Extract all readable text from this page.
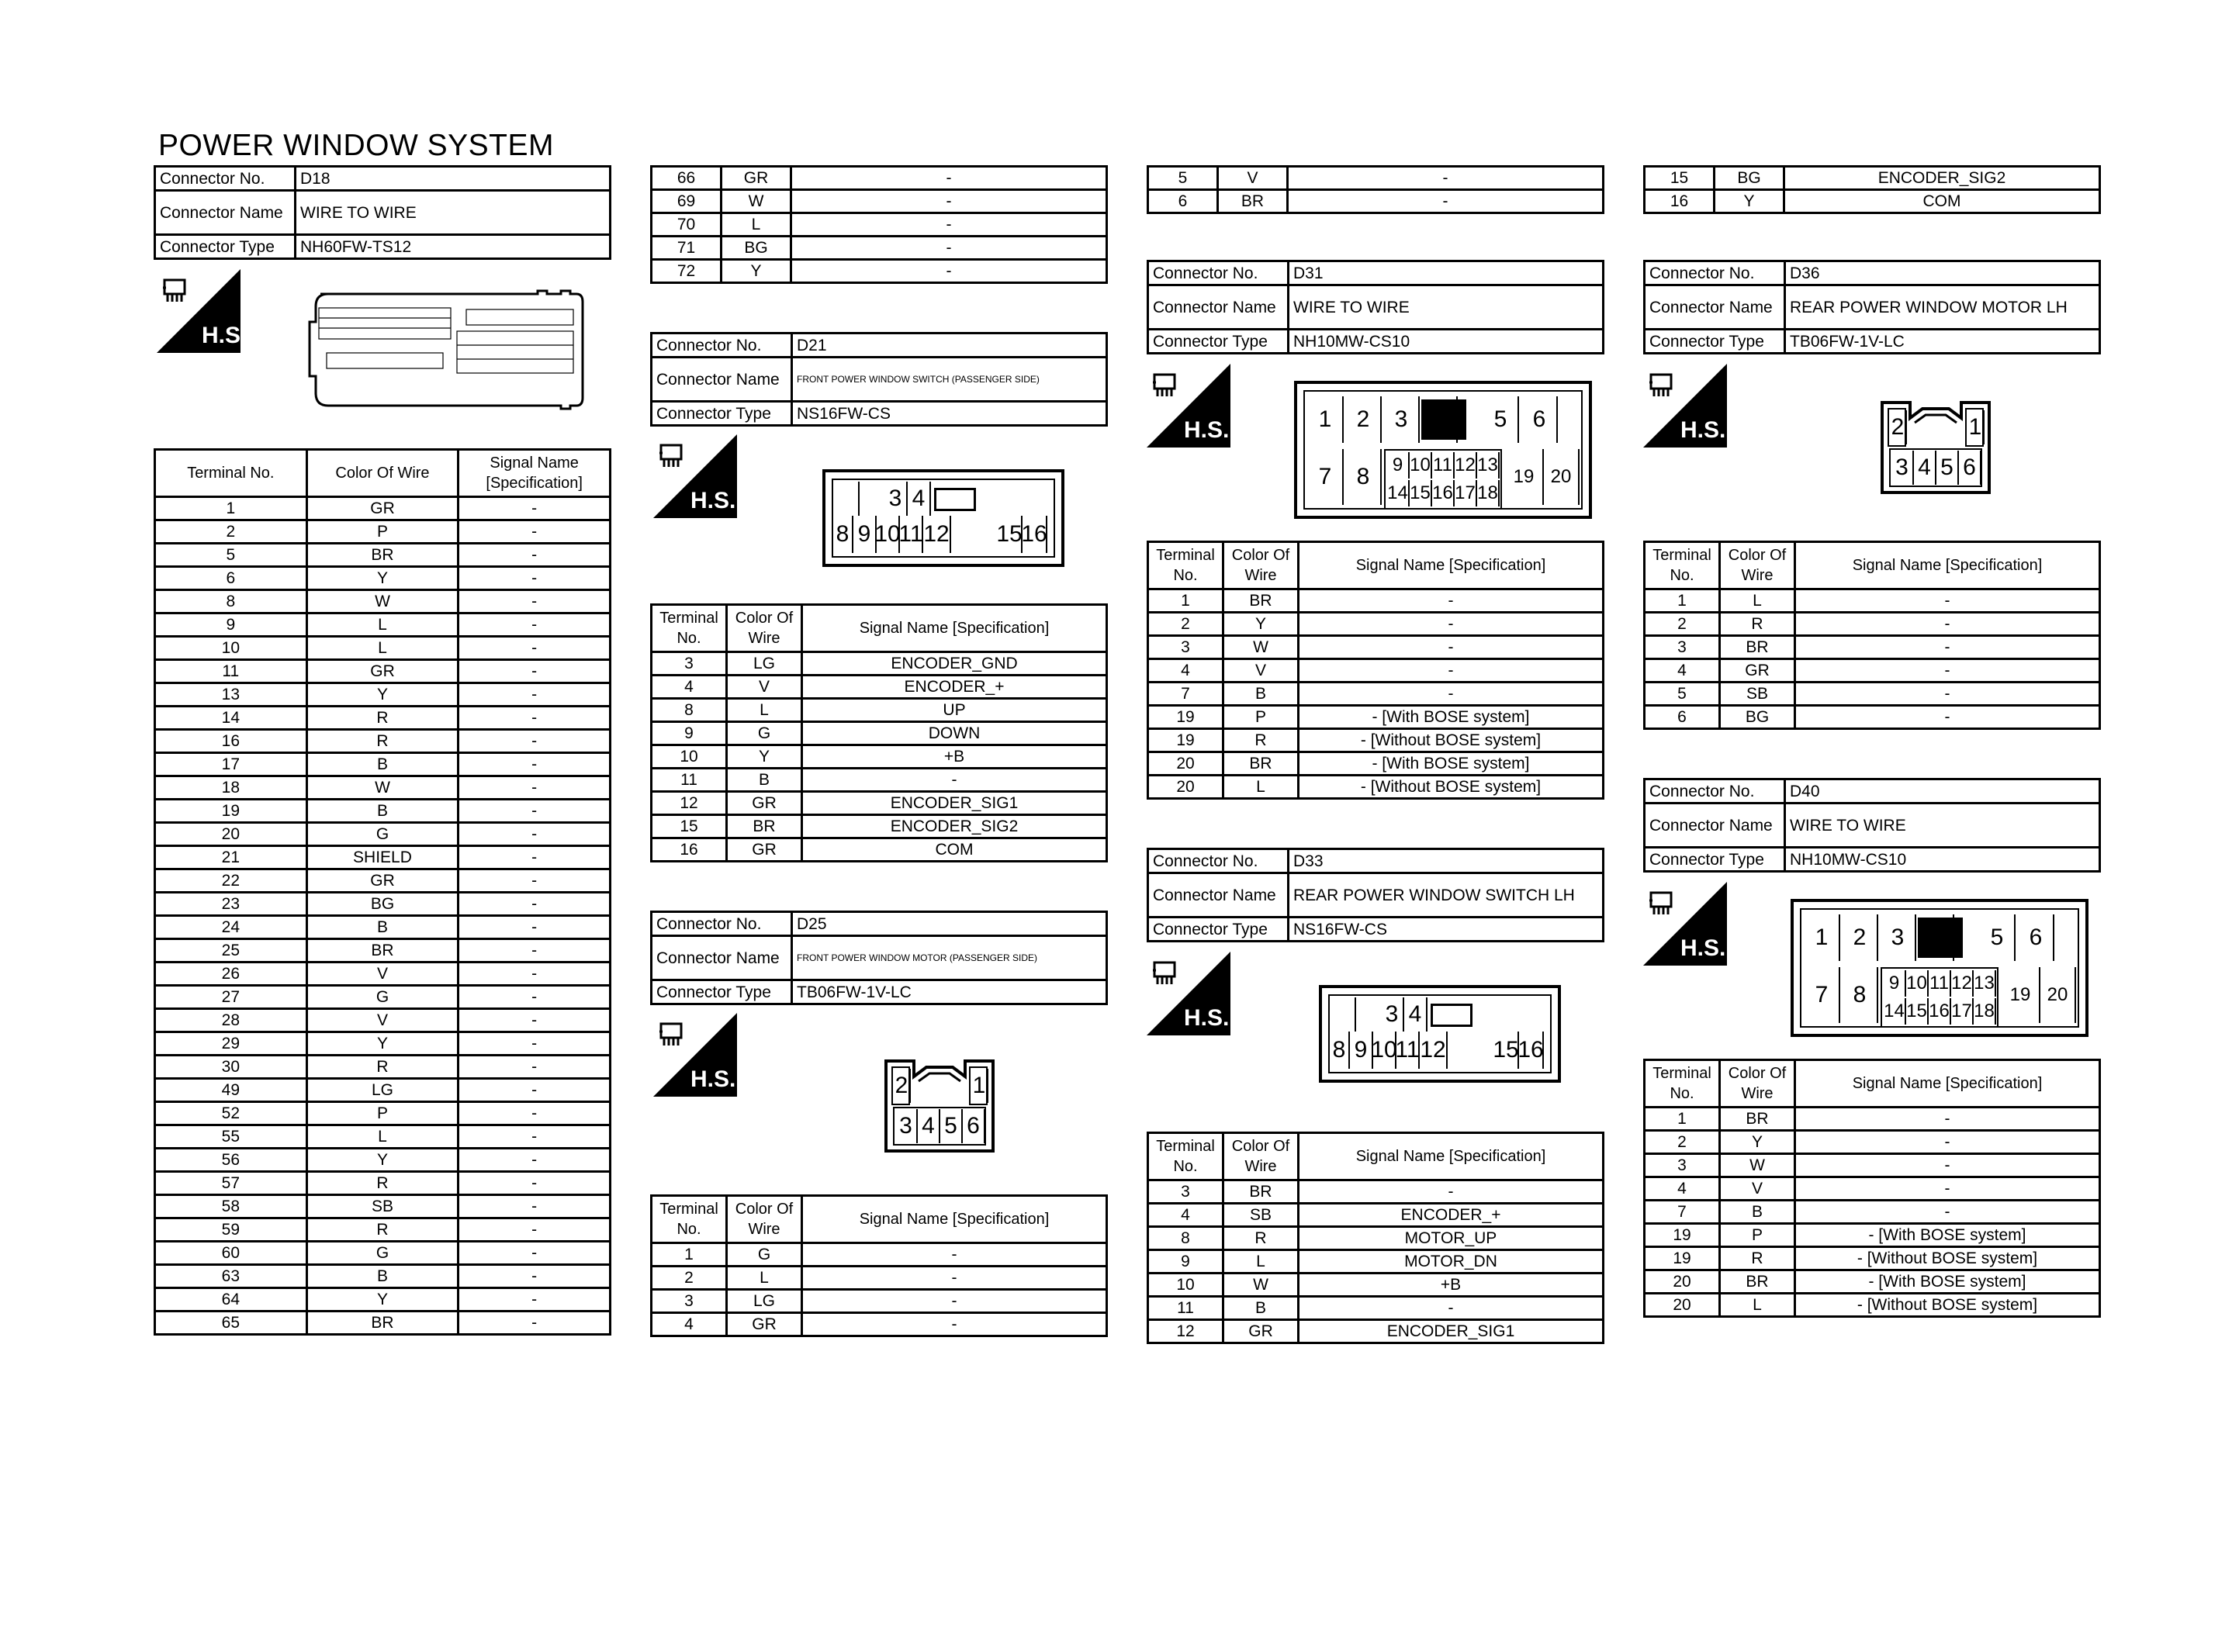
POWER WINDOW SYSTEM
Connector No.	D18
Connector Name	WIRE TO WIRE
Connector Type	NH60FW-TS12
H.S.
Terminal No.	Color Of Wire	Signal Name [Specification]
1	GR	-
2	P	-
5	BR	-
6	Y	-
8	W	-
9	L	-
10	L	-
11	GR	-
13	Y	-
14	R	-
16	R	-
17	B	-
18	W	-
19	B	-
20	G	-
21	SHIELD	-
22	GR	-
23	BG	-
24	B	-
25	BR	-
26	V	-
27	G	-
28	V	-
29	Y	-
30	R	-
49	LG	-
52	P	-
55	L	-
56	Y	-
57	R	-
58	SB	-
59	R	-
60	G	-
63	B	-
64	Y	-
65	BR	-
66	GR	-
69	W	-
70	L	-
71	BG	-
72	Y	-
Connector No.	D21
Connector Name	FRONT POWER WINDOW SWITCH (PASSENGER SIDE)
Connector Type	NS16FW-CS
H.S.	3 4
8 9 10
11 12 15
16
Terminal No.	Color Of Wire	Signal Name [Specification]
3	LG	ENCODER_GND
4	V	ENCODER_+
8	L	UP
9	G	DOWN
10	Y	+B
11	B	-
12	GR	ENCODER_SIG1
15	BR	ENCODER_SIG2
16	GR	COM
Connector No.	D25
Connector Name	FRONT POWER WINDOW MOTOR (PASSENGER SIDE)
Connector Type	TB06FW-1V-LC
H.S.	2	1
3 4 5 6
Terminal No.	Color Of Wire	Signal Name [Specification]
1	G	-
2	L	-
3	LG	-
4	GR	-
5	V	-
6	BR	-
Connector No.	D31
Connector Name	WIRE TO WIRE
Connector Type	NH10MW-CS10
H.S.	1	2	3	4	5	6
7	8	9 10 11 12 13
14 15 16 17 18
19 20
Terminal No.	Color Of Wire	Signal Name [Specification]
1	BR	-
2	Y	-
3	W	-
4	V	-
7	B	-
19	P	- [With BOSE system]
19	R	- [Without BOSE system]
20	BR	- [With BOSE system]
20	L	- [Without BOSE system]
Connector No.	D33
Connector Name	REAR POWER WINDOW SWITCH LH
Connector Type	NS16FW-CS
H.S.	3 4
8 9 10
11 12 15
16
Terminal No.	Color Of Wire	Signal Name [Specification]
3	BR	-
4	SB	ENCODER_+
8	R	MOTOR_UP
9	L	MOTOR_DN
10	W	+B
11	B	-
12	GR	ENCODER_SIG1
15	BG	ENCODER_SIG2
16	Y	COM
Connector No.	D36
Connector Name	REAR POWER WINDOW MOTOR LH
Connector Type	TB06FW-1V-LC
H.S.	2	1
3 4 5 6
Terminal No.	Color Of Wire	Signal Name [Specification]
1	L	-
2	R	-
3	BR	-
4	GR	-
5	SB	-
6	BG	-
Connector No.	D40
Connector Name	WIRE TO WIRE
Connector Type	NH10MW-CS10
H.S.	1	2	3	4	5	6
7	8	9 10 11 12 13
14 15 16 17 18
19 20
Terminal No.	Color Of Wire	Signal Name [Specification]
1	BR	-
2	Y	-
3	W	-
4	V	-
7	B	-
19	P	- [With BOSE system]
19	R	- [Without BOSE system]
20	BR	- [With BOSE system]
20	L	- [Without BOSE system]
